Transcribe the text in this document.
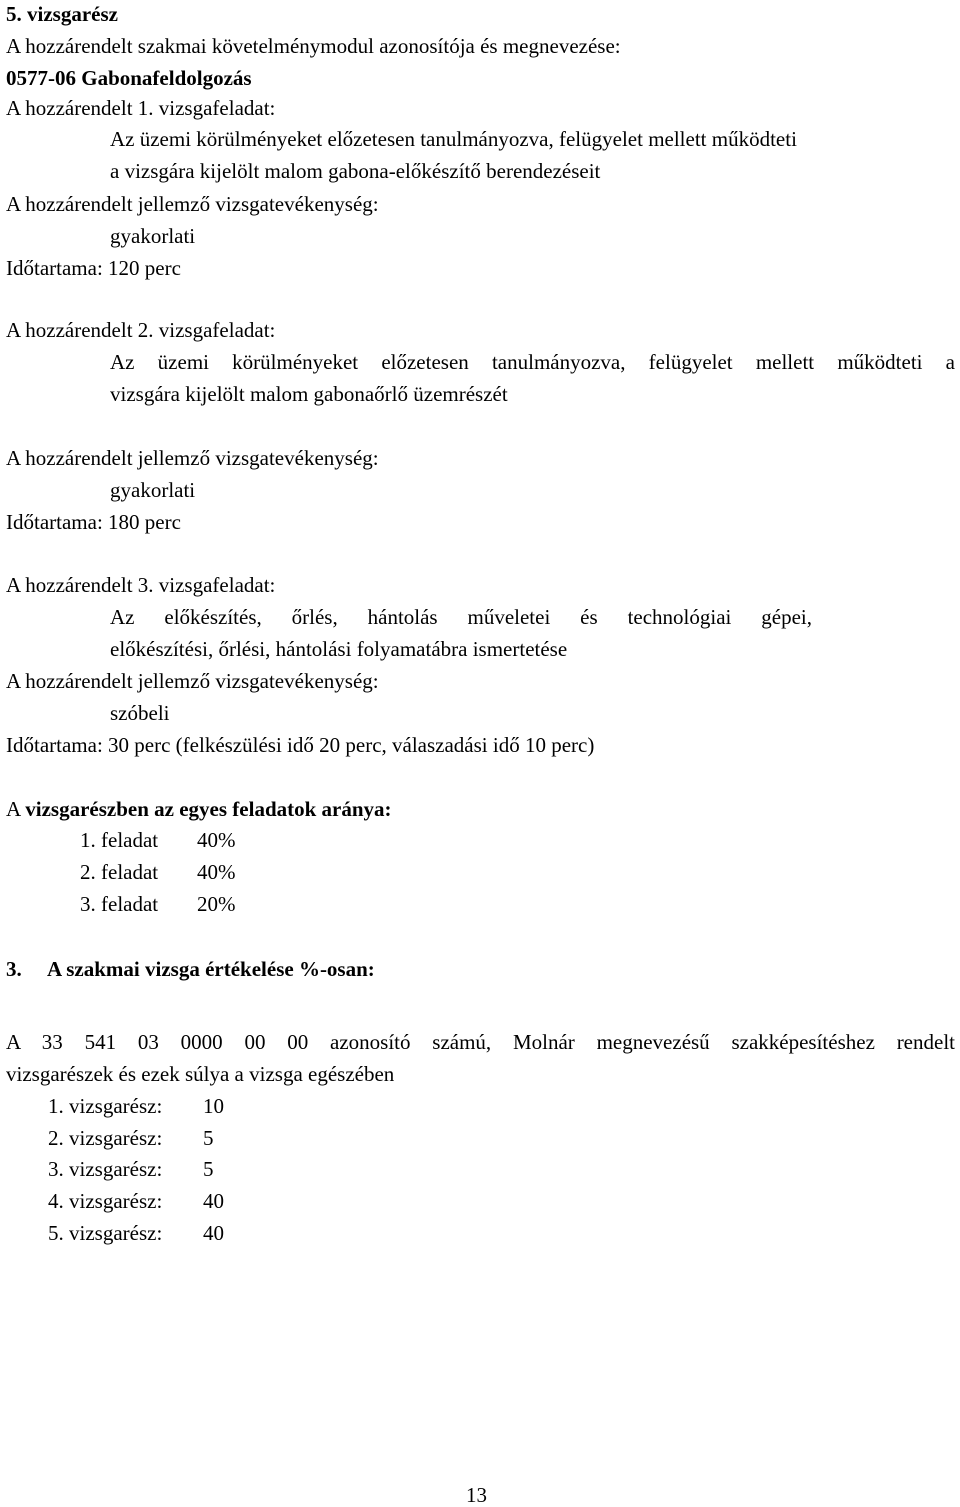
5. vizsgarész
A hozzárendelt szakmai követelménymodul azonosítója és megnevezése:
0577-06 Gabonafeldolgozás
A hozzárendelt 1. vizsgafeladat:
Az üzemi körülményeket előzetesen tanulmányozva, felügyelet mellett működteti
a vizsgára kijelölt malom gabona-előkészítő berendezéseit
A hozzárendelt jellemző vizsgatevékenység:
gyakorlati
Időtartama: 120 perc
A hozzárendelt 2. vizsgafeladat:
Az üzemi körülményeket előzetesen tanulmányozva, felügyelet mellett működteti a
vizsgára kijelölt malom gabonaőrlő üzemrészét
A hozzárendelt jellemző vizsgatevékenység:
gyakorlati
Időtartama: 180 perc
A hozzárendelt 3. vizsgafeladat:
Az előkészítés, őrlés, hántolás műveletei és technológiai gépei,
előkészítési, őrlési, hántolási folyamatábra ismertetése
A hozzárendelt jellemző vizsgatevékenység:
szóbeli
Időtartama: 30 perc (felkészülési idő 20 perc, válaszadási idő 10 perc)
A vizsgarészben az egyes feladatok aránya:
1. feladat 40%
2. feladat 40%
3. feladat 20%
3. A szakmai vizsga értékelése %-osan:
A 33 541 03 0000 00 00 azonosító számú, Molnár megnevezésű szakképesítéshez rendelt
vizsgarészek és ezek súlya a vizsga egészében
1. vizsgarész: 10
2. vizsgarész: 5
3. vizsgarész: 5
4. vizsgarész: 40
5. vizsgarész: 40
13
